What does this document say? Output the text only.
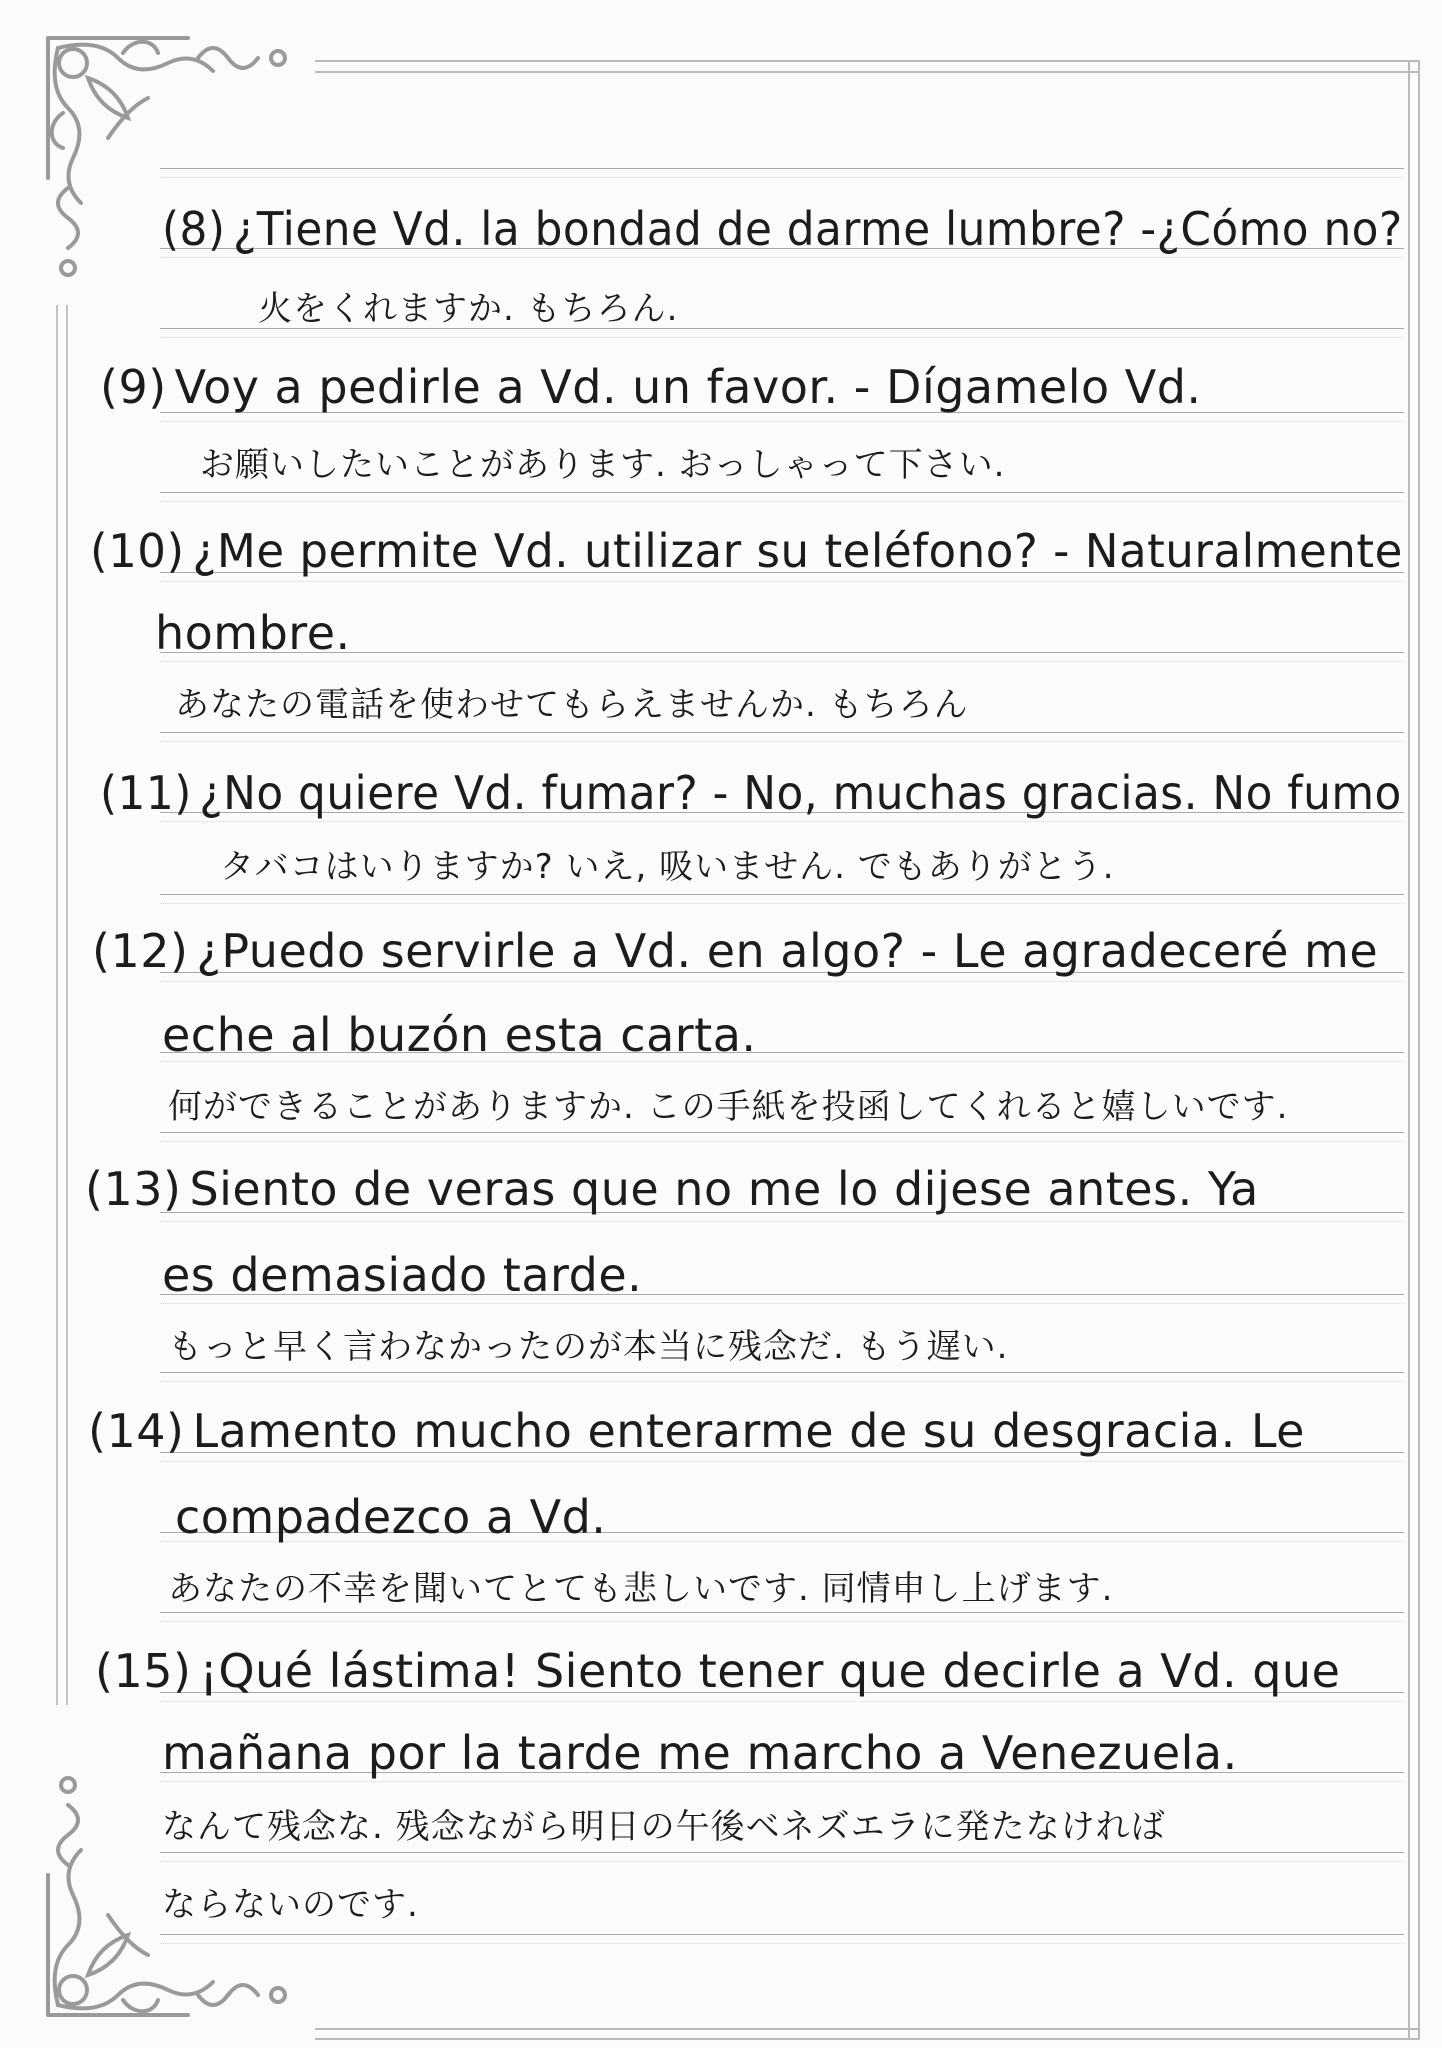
(8) ¿Tiene Vd. la bondad de darme lumbre? -¿Cómo no?
火をくれますか. もちろん.
(9) Voy a pedirle a Vd. un favor. - Dígamelo Vd.
お願いしたいことがあります. おっしゃって下さい.
(10) ¿Me permite Vd. utilizar su teléfono? - Naturalmente
hombre.
あなたの電話を使わせてもらえませんか. もちろん
(11) ¿No quiere Vd. fumar? - No, muchas gracias. No fumo
タバコはいりますか? いえ, 吸いません. でもありがとう.
(12) ¿Puedo servirle a Vd. en algo? - Le agradeceré me
eche al buzón esta carta.
何ができることがありますか. この手紙を投函してくれると嬉しいです.
(13) Siento de veras que no me lo dijese antes. Ya
es demasiado tarde.
もっと早く言わなかったのが本当に残念だ. もう遅い.
(14) Lamento mucho enterarme de su desgracia. Le
compadezco a Vd.
あなたの不幸を聞いてとても悲しいです. 同情申し上げます.
(15) ¡Qué lástima! Siento tener que decirle a Vd. que
mañana por la tarde me marcho a Venezuela.
なんて残念な. 残念ながら明日の午後ベネズエラに発たなければ
ならないのです.
